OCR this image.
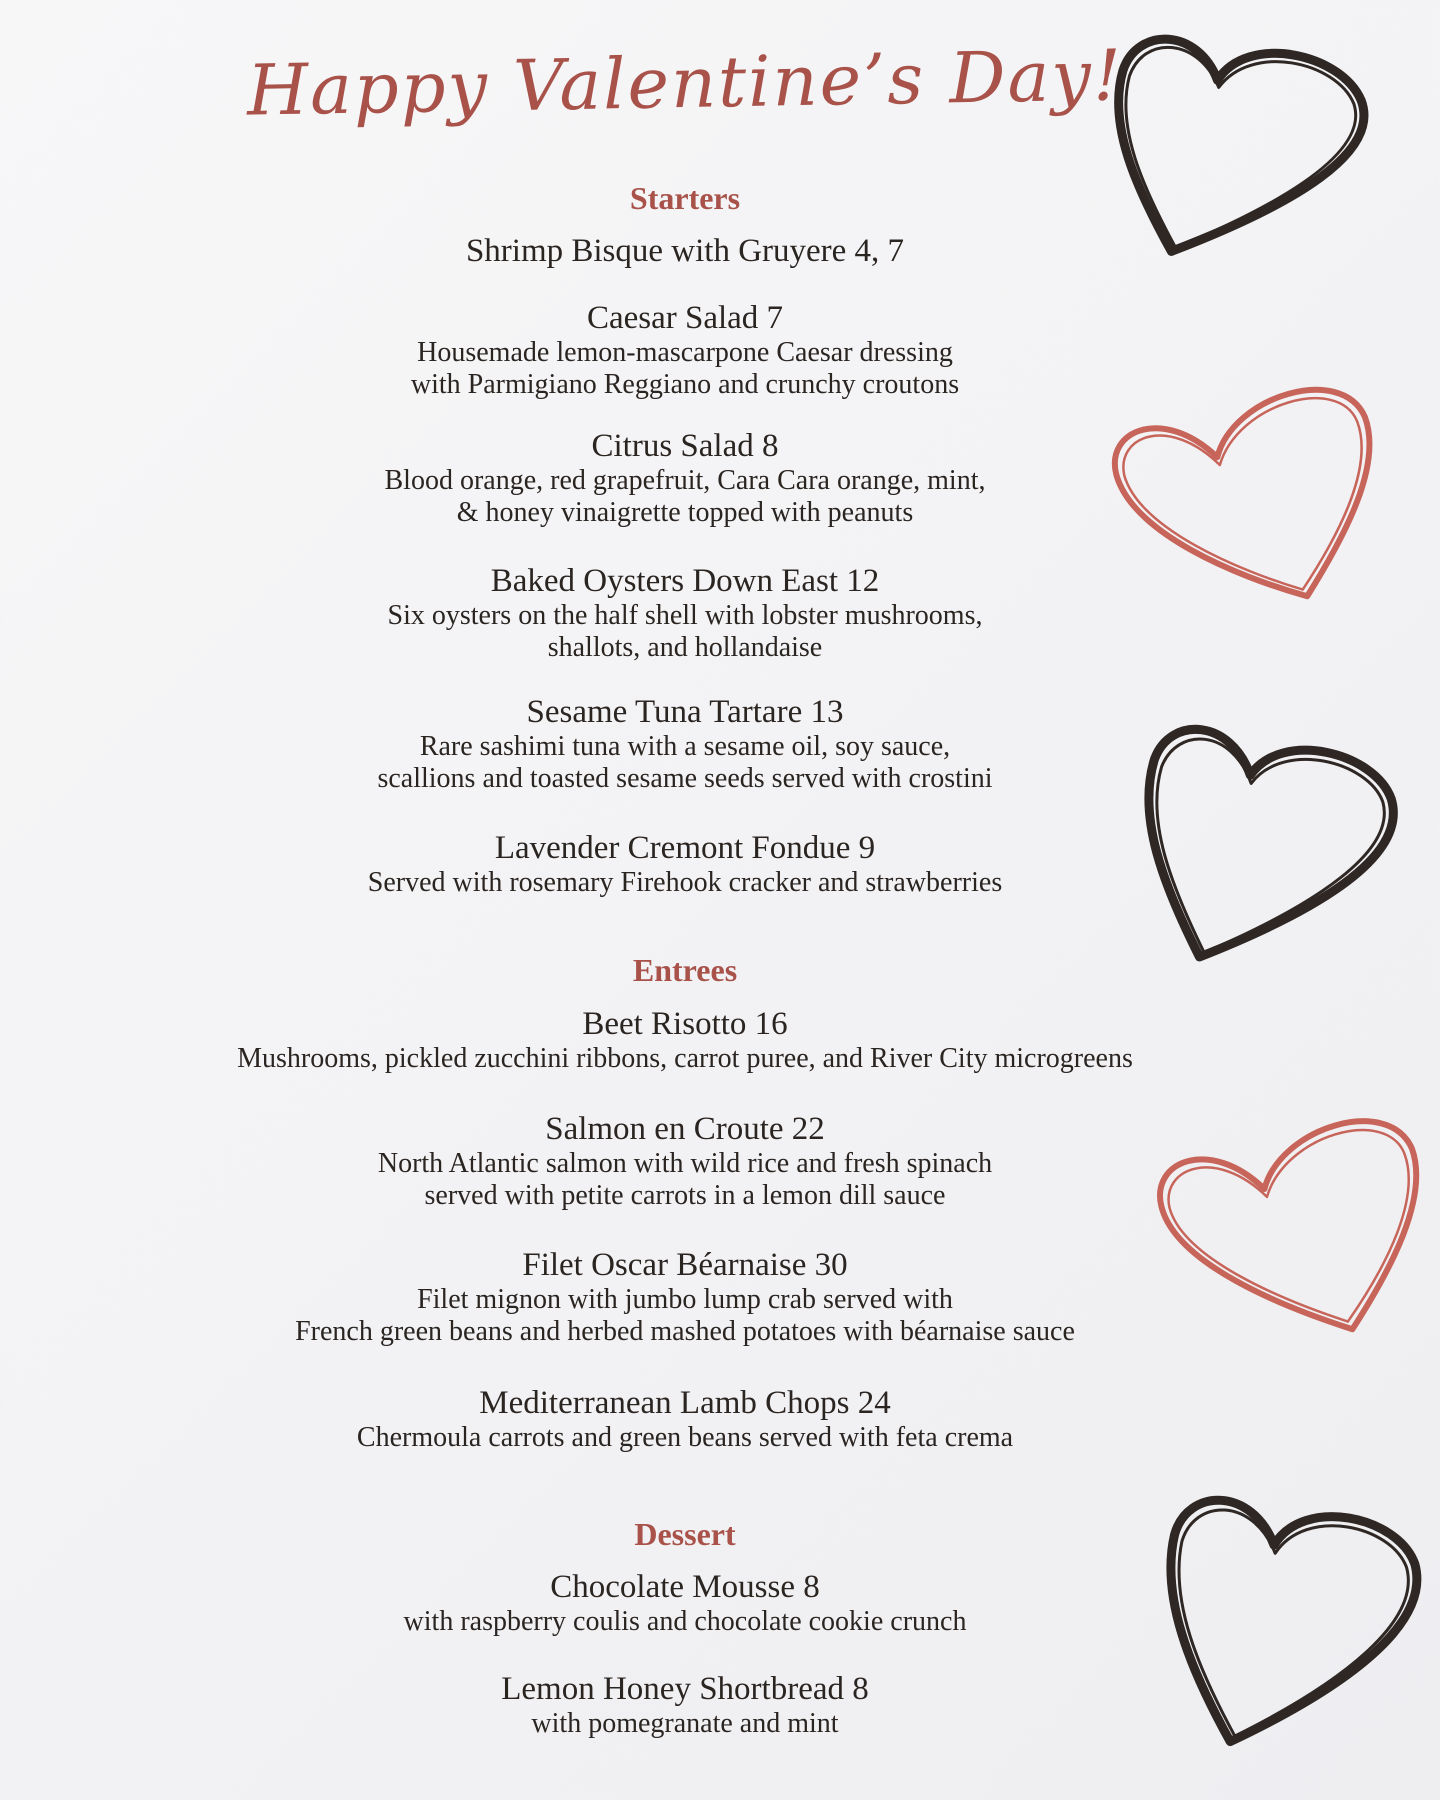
Happy Valentine’s Day!
Starters
Shrimp Bisque with Gruyere 4, 7
Caesar Salad 7
Housemade lemon-mascarpone Caesar dressing
with Parmigiano Reggiano and crunchy croutons
Citrus Salad 8
Blood orange, red grapefruit, Cara Cara orange, mint,
& honey vinaigrette topped with peanuts
Baked Oysters Down East 12
Six oysters on the half shell with lobster mushrooms,
shallots, and hollandaise
Sesame Tuna Tartare 13
Rare sashimi tuna with a sesame oil, soy sauce,
scallions and toasted sesame seeds served with crostini
Lavender Cremont Fondue 9
Served with rosemary Firehook cracker and strawberries
Entrees
Beet Risotto 16
Mushrooms, pickled zucchini ribbons, carrot puree, and River City microgreens
Salmon en Croute 22
North Atlantic salmon with wild rice and fresh spinach
served with petite carrots in a lemon dill sauce
Filet Oscar Béarnaise 30
Filet mignon with jumbo lump crab served with
French green beans and herbed mashed potatoes with béarnaise sauce
Mediterranean Lamb Chops 24
Chermoula carrots and green beans served with feta crema
Dessert
Chocolate Mousse 8
with raspberry coulis and chocolate cookie crunch
Lemon Honey Shortbread 8
with pomegranate and mint
